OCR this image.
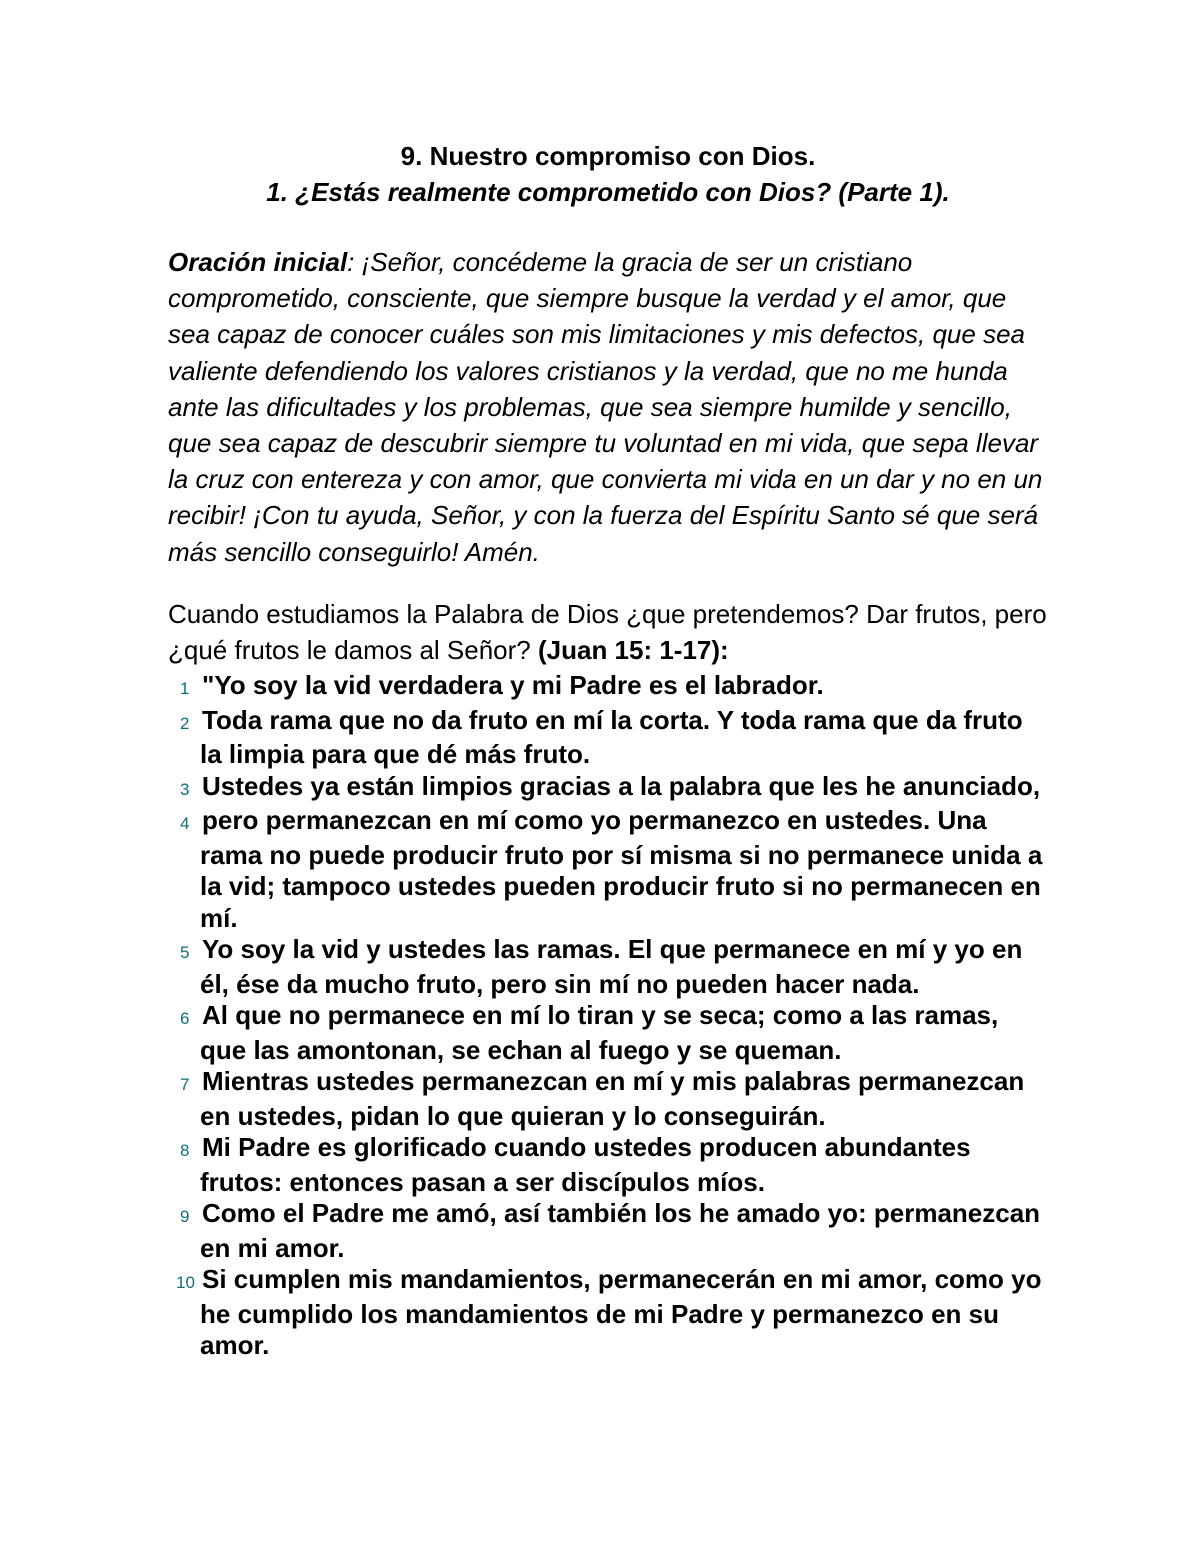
9. Nuestro compromiso con Dios.
1. ¿Estás realmente comprometido con Dios? (Parte 1).

Oración inicial: ¡Señor, concédeme la gracia de ser un cristiano comprometido, consciente, que siempre busque la verdad y el amor, que sea capaz de conocer cuáles son mis limitaciones y mis defectos, que sea valiente defendiendo los valores cristianos y la verdad, que no me hunda ante las dificultades y los problemas, que sea siempre humilde y sencillo, que sea capaz de descubrir siempre tu voluntad en mi vida, que sepa llevar la cruz con entereza y con amor, que convierta mi vida en un dar y no en un recibir! ¡Con tu ayuda, Señor, y con la fuerza del Espíritu Santo sé que será más sencillo conseguirlo! Amén.

Cuando estudiamos la Palabra de Dios ¿que pretendemos? Dar frutos, pero ¿qué frutos le damos al Señor? (Juan 15: 1-17):

1 "Yo soy la vid verdadera y mi Padre es el labrador.
2 Toda rama que no da fruto en mí la corta. Y toda rama que da fruto la limpia para que dé más fruto.
3 Ustedes ya están limpios gracias a la palabra que les he anunciado,
4 pero permanezcan en mí como yo permanezco en ustedes. Una rama no puede producir fruto por sí misma si no permanece unida a la vid; tampoco ustedes pueden producir fruto si no permanecen en mí.
5 Yo soy la vid y ustedes las ramas. El que permanece en mí y yo en él, ése da mucho fruto, pero sin mí no pueden hacer nada.
6 Al que no permanece en mí lo tiran y se seca; como a las ramas, que las amontonan, se echan al fuego y se queman.
7 Mientras ustedes permanezcan en mí y mis palabras permanezcan en ustedes, pidan lo que quieran y lo conseguirán.
8 Mi Padre es glorificado cuando ustedes producen abundantes frutos: entonces pasan a ser discípulos míos.
9 Como el Padre me amó, así también los he amado yo: permanezcan en mi amor.
10 Si cumplen mis mandamientos, permanecerán en mi amor, como yo he cumplido los mandamientos de mi Padre y permanezco en su amor.
